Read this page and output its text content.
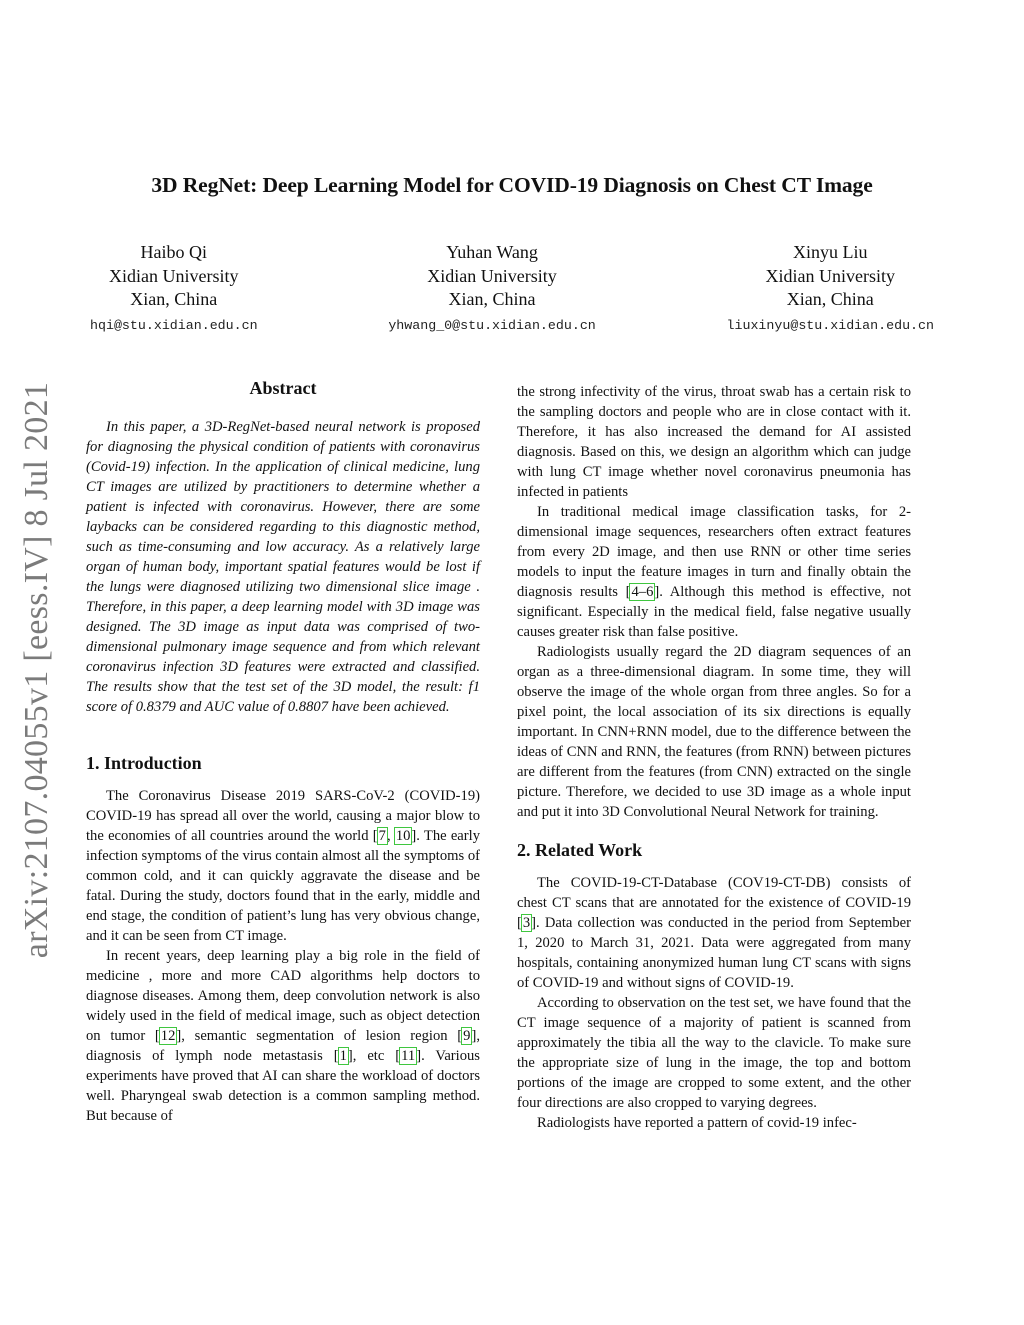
arXiv:2107.04055v1 [eess.IV] 8 Jul 2021
3D RegNet: Deep Learning Model for COVID-19 Diagnosis on Chest CT Image
Haibo Qi
Xidian University
Xian, China
hqi@stu.xidian.edu.cn
Yuhan Wang
Xidian University
Xian, China
yhwang_0@stu.xidian.edu.cn
Xinyu Liu
Xidian University
Xian, China
liuxinyu@stu.xidian.edu.cn
Abstract

In this paper, a 3D-RegNet-based neural network is proposed for diagnosing the physical condition of patients with coronavirus (Covid-19) infection. In the application of clinical medicine, lung CT images are utilized by practitioners to determine whether a patient is infected with coronavirus. However, there are some laybacks can be considered regarding to this diagnostic method, such as time-consuming and low accuracy. As a relatively large organ of human body, important spatial features would be lost if the lungs were diagnosed utilizing two dimensional slice image . Therefore, in this paper, a deep learning model with 3D image was designed. The 3D image as input data was comprised of two-dimensional pulmonary image sequence and from which relevant coronavirus infection 3D features were extracted and classified. The results show that the test set of the 3D model, the result: f1 score of 0.8379 and AUC value of 0.8807 have been achieved.

1. Introduction

The Coronavirus Disease 2019 SARS-CoV-2 (COVID-19) COVID-19 has spread all over the world, causing a major blow to the economies of all countries around the world [7, 10]. The early infection symptoms of the virus contain almost all the symptoms of common cold, and it can quickly aggravate the disease and be fatal. During the study, doctors found that in the early, middle and end stage, the condition of patient’s lung has very obvious change, and it can be seen from CT image.

In recent years, deep learning play a big role in the field of medicine , more and more CAD algorithms help doctors to diagnose diseases. Among them, deep convolution network is also widely used in the field of medical image, such as object detection on tumor [12], semantic segmentation of lesion region [9], diagnosis of lymph node metastasis [1], etc [11]. Various experiments have proved that AI can share the workload of doctors well. Pharyngeal swab detection is a common sampling method. But because of

the strong infectivity of the virus, throat swab has a certain risk to the sampling doctors and people who are in close contact with it. Therefore, it has also increased the demand for AI assisted diagnosis. Based on this, we design an algorithm which can judge with lung CT image whether novel coronavirus pneumonia has infected in patients

In traditional medical image classification tasks, for 2-dimensional image sequences, researchers often extract features from every 2D image, and then use RNN or other time series models to input the feature images in turn and finally obtain the diagnosis results [4–6]. Although this method is effective, not significant. Especially in the medical field, false negative usually causes greater risk than false positive.

Radiologists usually regard the 2D diagram sequences of an organ as a three-dimensional diagram. In some time, they will observe the image of the whole organ from three angles. So for a pixel point, the local association of its six directions is equally important. In CNN+RNN model, due to the difference between the ideas of CNN and RNN, the features (from RNN) between pictures are different from the features (from CNN) extracted on the single picture. Therefore, we decided to use 3D image as a whole input and put it into 3D Convolutional Neural Network for training.

2. Related Work

The COVID-19-CT-Database (COV19-CT-DB) consists of chest CT scans that are annotated for the existence of COVID-19 [3]. Data collection was conducted in the period from September 1, 2020 to March 31, 2021. Data were aggregated from many hospitals, containing anonymized human lung CT scans with signs of COVID-19 and without signs of COVID-19.

According to observation on the test set, we have found that the CT image sequence of a majority of patient is scanned from approximately the tibia all the way to the clavicle. To make sure the appropriate size of lung in the image, the top and bottom portions of the image are cropped to some extent, and the other four directions are also cropped to varying degrees.

Radiologists have reported a pattern of covid-19 infec-
